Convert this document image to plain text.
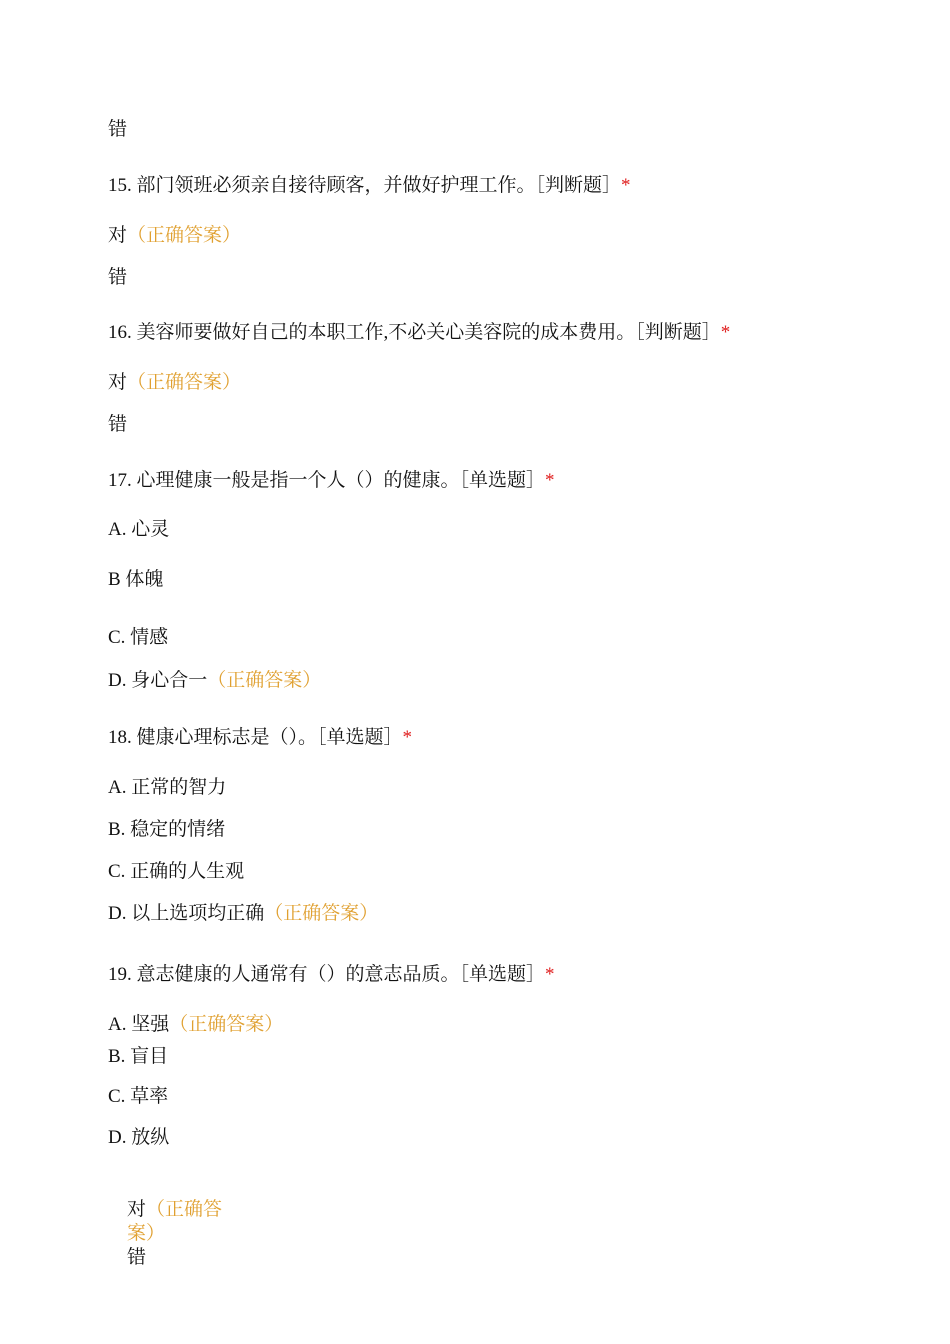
错
15. 部门领班必须亲自接待顾客，并做好护理工作。［判断题］*
对（正确答案）
错
16. 美容师要做好自己的本职工作,不必关心美容院的成本费用。［判断题］*
对（正确答案）
错
17. 心理健康一般是指一个人（）的健康。［单选题］*
A. 心灵
B 体魄
C. 情感
D. 身心合一（正确答案）
18. 健康心理标志是（）。［单选题］*
A. 正常的智力
B. 稳定的情绪
C. 正确的人生观
D. 以上选项均正确（正确答案）
19. 意志健康的人通常有（）的意志品质。［单选题］*
A. 坚强（正确答案）
B. 盲目
C. 草率
D. 放纵
对（正确答
案）
错
